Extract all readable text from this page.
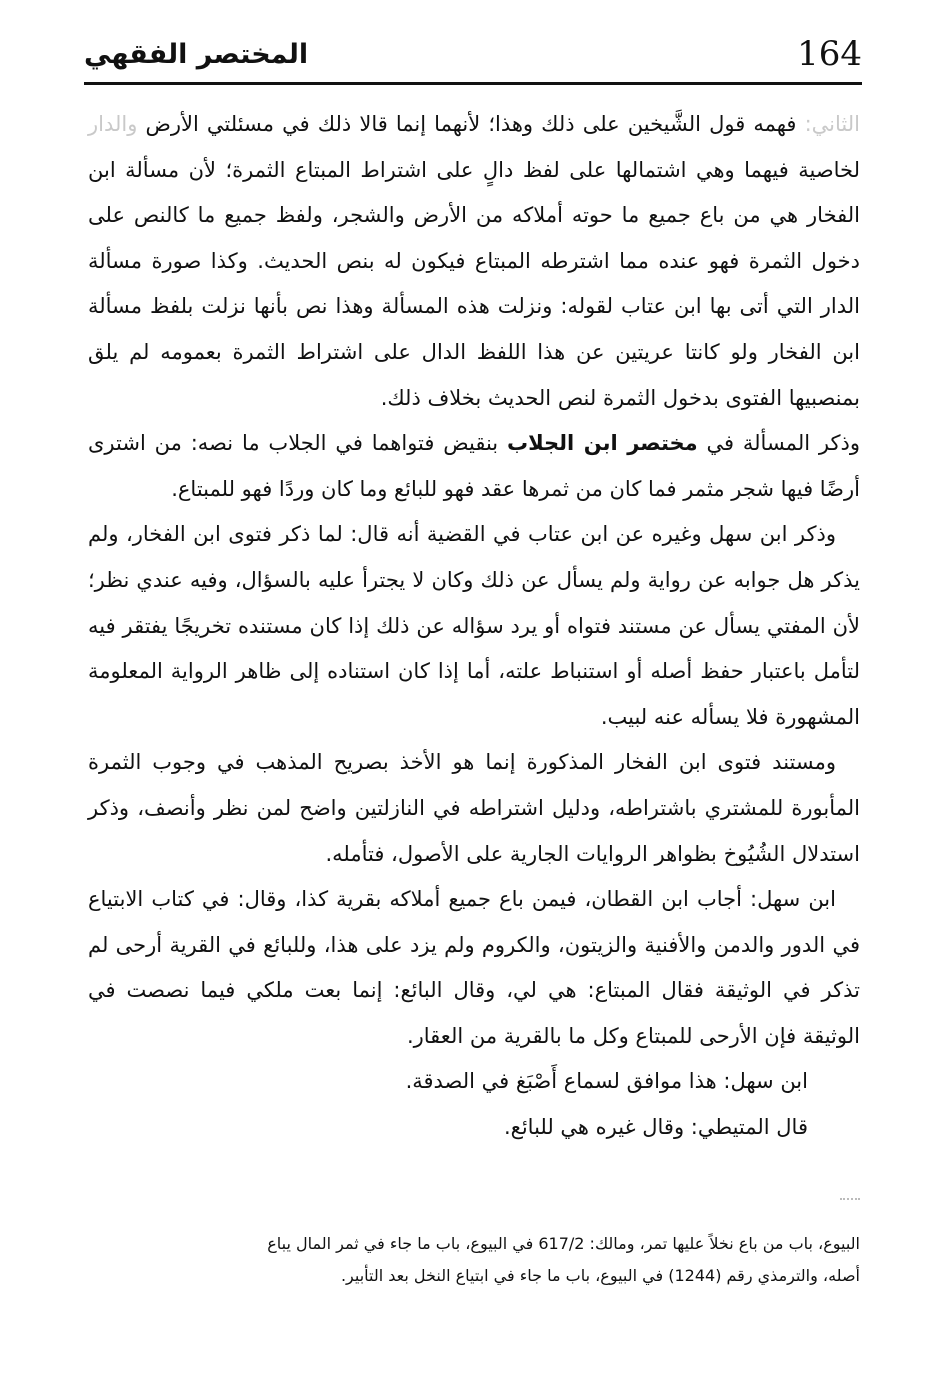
المختصر الفقهي	164

الثاني: فهمه قول الشَّيخين على ذلك وهذا؛ لأنهما إنما قالا ذلك في مسئلتي الأرض والدار لخاصية فيهما وهي اشتمالها على لفظ دالٍ على اشتراط المبتاع الثمرة؛ لأن مسألة ابن الفخار هي من باع جميع ما حوته أملاكه من الأرض والشجر، ولفظ جميع ما كالنص على دخول الثمرة فهو عنده مما اشترطه المبتاع فيكون له بنص الحديث. وكذا صورة مسألة الدار التي أتى بها ابن عتاب لقوله: ونزلت هذه المسألة وهذا نص بأنها نزلت بلفظ مسألة ابن الفخار ولو كانتا عريتين عن هذا اللفظ الدال على اشتراط الثمرة بعمومه لم يلق بمنصبيها الفتوى بدخول الثمرة لنص الحديث بخلاف ذلك.

وذكر المسألة في مختصر ابن الجلاب بنقيض فتواهما في الجلاب ما نصه: من اشترى أرضًا فيها شجر مثمر فما كان من ثمرها عقد فهو للبائع وما كان وردًا فهو للمبتاع.

وذكر ابن سهل وغيره عن ابن عتاب في القضية أنه قال: لما ذكر فتوى ابن الفخار، ولم يذكر هل جوابه عن رواية ولم يسأل عن ذلك وكان لا يجترأ عليه بالسؤال، وفيه عندي نظر؛ لأن المفتي يسأل عن مستند فتواه أو يرد سؤاله عن ذلك إذا كان مستنده تخريجًا يفتقر فيه لتأمل باعتبار حفظ أصله أو استنباط علته، أما إذا كان استناده إلى ظاهر الرواية المعلومة المشهورة فلا يسأله عنه لبيب.

ومستند فتوى ابن الفخار المذكورة إنما هو الأخذ بصريح المذهب في وجوب الثمرة المأبورة للمشتري باشتراطه، ودليل اشتراطه في النازلتين واضح لمن نظر وأنصف، وذكر استدلال الشُيُوخ بظواهر الروايات الجارية على الأصول، فتأمله.

ابن سهل: أجاب ابن القطان، فيمن باع جميع أملاكه بقرية كذا، وقال: في كتاب الابتياع في الدور والدمن والأفنية والزيتون، والكروم ولم يزد على هذا، وللبائع في القرية أرحى لم تذكر في الوثيقة فقال المبتاع: هي لي، وقال البائع: إنما بعت ملكي فيما نصصت في الوثيقة فإن الأرحى للمبتاع وكل ما بالقرية من العقار.

ابن سهل: هذا موافق لسماع أَصْبَغ في الصدقة.

قال المتيطي: وقال غيره هي للبائع.

البيوع، باب من باع نخلاً عليها تمر، ومالك: 617/2 في البيوع، باب ما جاء في ثمر المال يباع

أصله، والترمذي رقم (1244) في البيوع، باب ما جاء في ابتياع النخل بعد التأبير.
